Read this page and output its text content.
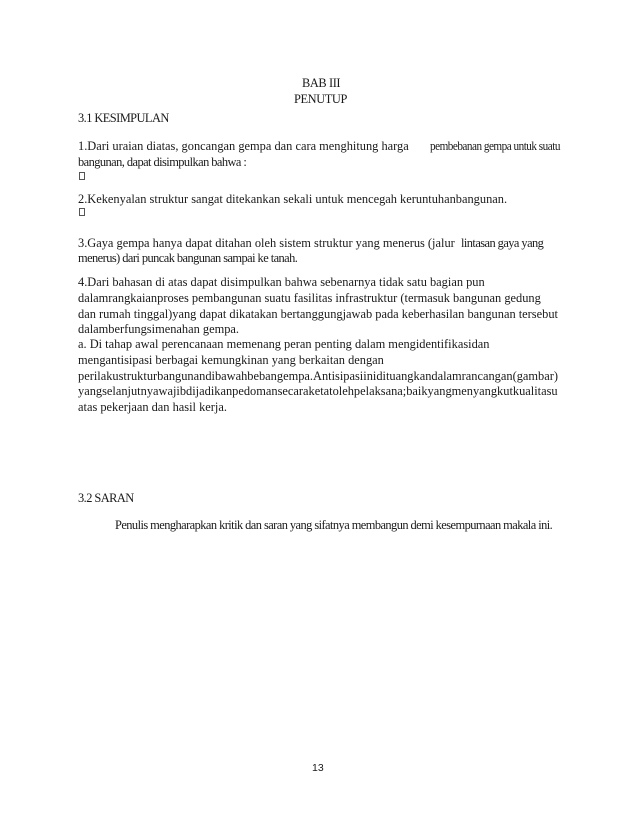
BAB III
PENUTUP
3.1 KESIMPULAN
1.Dari uraian diatas, goncangan gempa dan cara menghitung harga pembebanan gempa untuk suatu
bangunan, dapat disimpulkan bahwa :
2.Kekenyalan struktur sangat ditekankan sekali untuk mencegah keruntuhanbangunan.
3.Gaya gempa hanya dapat ditahan oleh sistem struktur yang menerus (jalur lintasan gaya yang
menerus) dari puncak bangunan sampai ke tanah.
4.Dari bahasan di atas dapat disimpulkan bahwa sebenarnya tidak satu bagian pun
dalamrangkaianproses pembangunan suatu fasilitas infrastruktur (termasuk bangunan gedung
dan rumah tinggal)yang dapat dikatakan bertanggungjawab pada keberhasilan bangunan tersebut
dalamberfungsimenahan gempa.
a. Di tahap awal perencanaan memenang peran penting dalam mengidentifikasidan
mengantisipasi berbagai kemungkinan yang berkaitan dengan
perilakustrukturbangunandibawahbebangempa.Antisipasiinidituangkandalamrancangan(gambar)
yangselanjutnyawajibdijadikanpedomansecaraketatolehpelaksana;baikyangmenyangkutkualitasu
atas pekerjaan dan hasil kerja.
3.2 SARAN
Penulis mengharapkan kritik dan saran yang sifatnya membangun demi kesempurnaan makala ini.
13
